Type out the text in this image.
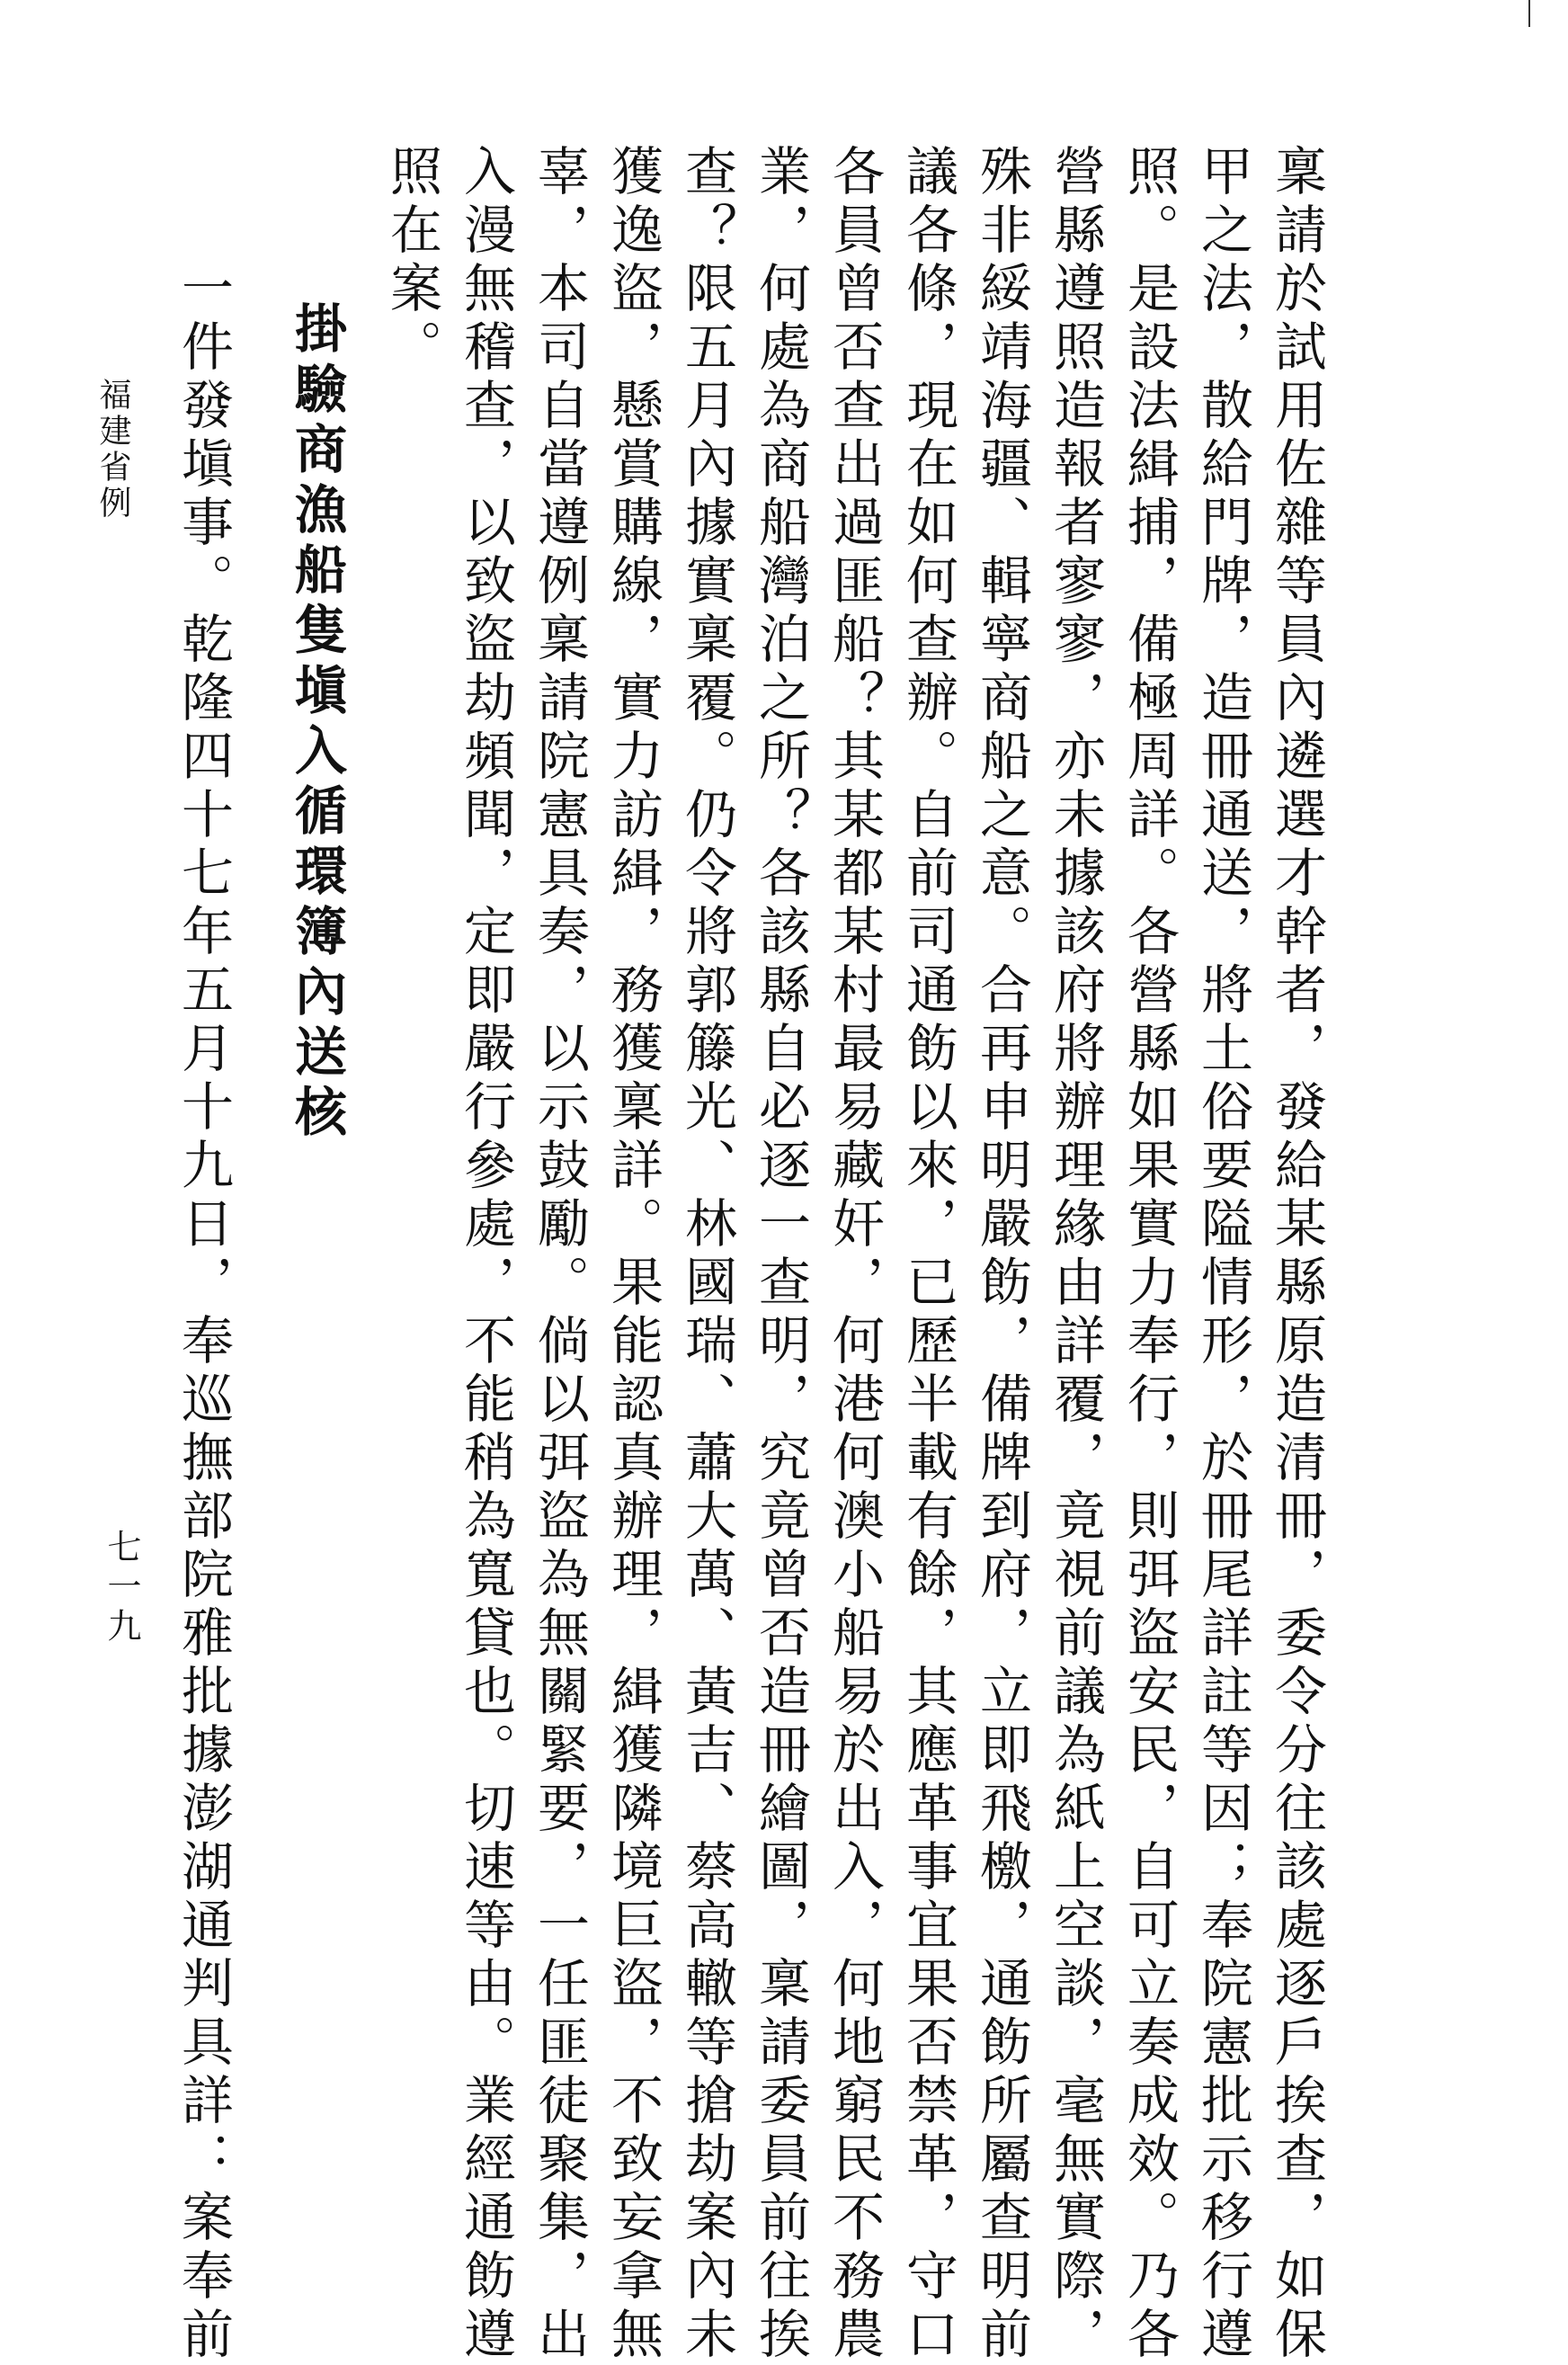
稟請於試用佐雜等員內遴選才幹者，發給某縣原造清冊，委令分往該處逐戶挨查，如保
甲之法，散給門牌，造冊通送，將土俗要隘情形，於冊尾詳註等因；奉院憲批示移行遵
照。是設法緝捕，備極周詳。各營縣如果實力奉行，則弭盜安民，自可立奏成效。乃各
營縣遵照造報者寥寥，亦未據該府將辦理緣由詳覆，竟視前議為紙上空談，毫無實際，
殊非綏靖海疆、輯寧商船之意。合再申明嚴飭，備牌到府，立即飛檄，通飭所屬查明前
議各條，現在如何查辦。自前司通飭以來，已歷半載有餘，其應革事宜果否禁革，守口
各員曾否查出過匪船？其某都某村最易藏奸，何港何澳小船易於出入，何地窮民不務農
業，何處為商船灣泊之所？各該縣自必逐一查明，究竟曾否造冊繪圖，稟請委員前往挨
查？限五月內據實稟覆。仍令將郭籐光、林國瑞、蕭大萬、黃吉、蔡高轍等搶劫案內未
獲逸盜，懸賞購線，實力訪緝，務獲稟詳。果能認真辦理，緝獲隣境巨盜，不致妄拿無
辜，本司自當遵例稟請院憲具奏，以示鼓勵。倘以弭盜為無關緊要，一任匪徒聚集，出
入漫無稽查，以致盜劫頻聞，定即嚴行參處，不能稍為寬貸也。切速等由。業經通飭遵
照在案。
掛驗商漁船隻塡入循環簿內送核
一件發塡事。乾隆四十七年五月十九日，奉巡撫部院雅批據澎湖通判具詳：案奉前
福建省例
七一九
